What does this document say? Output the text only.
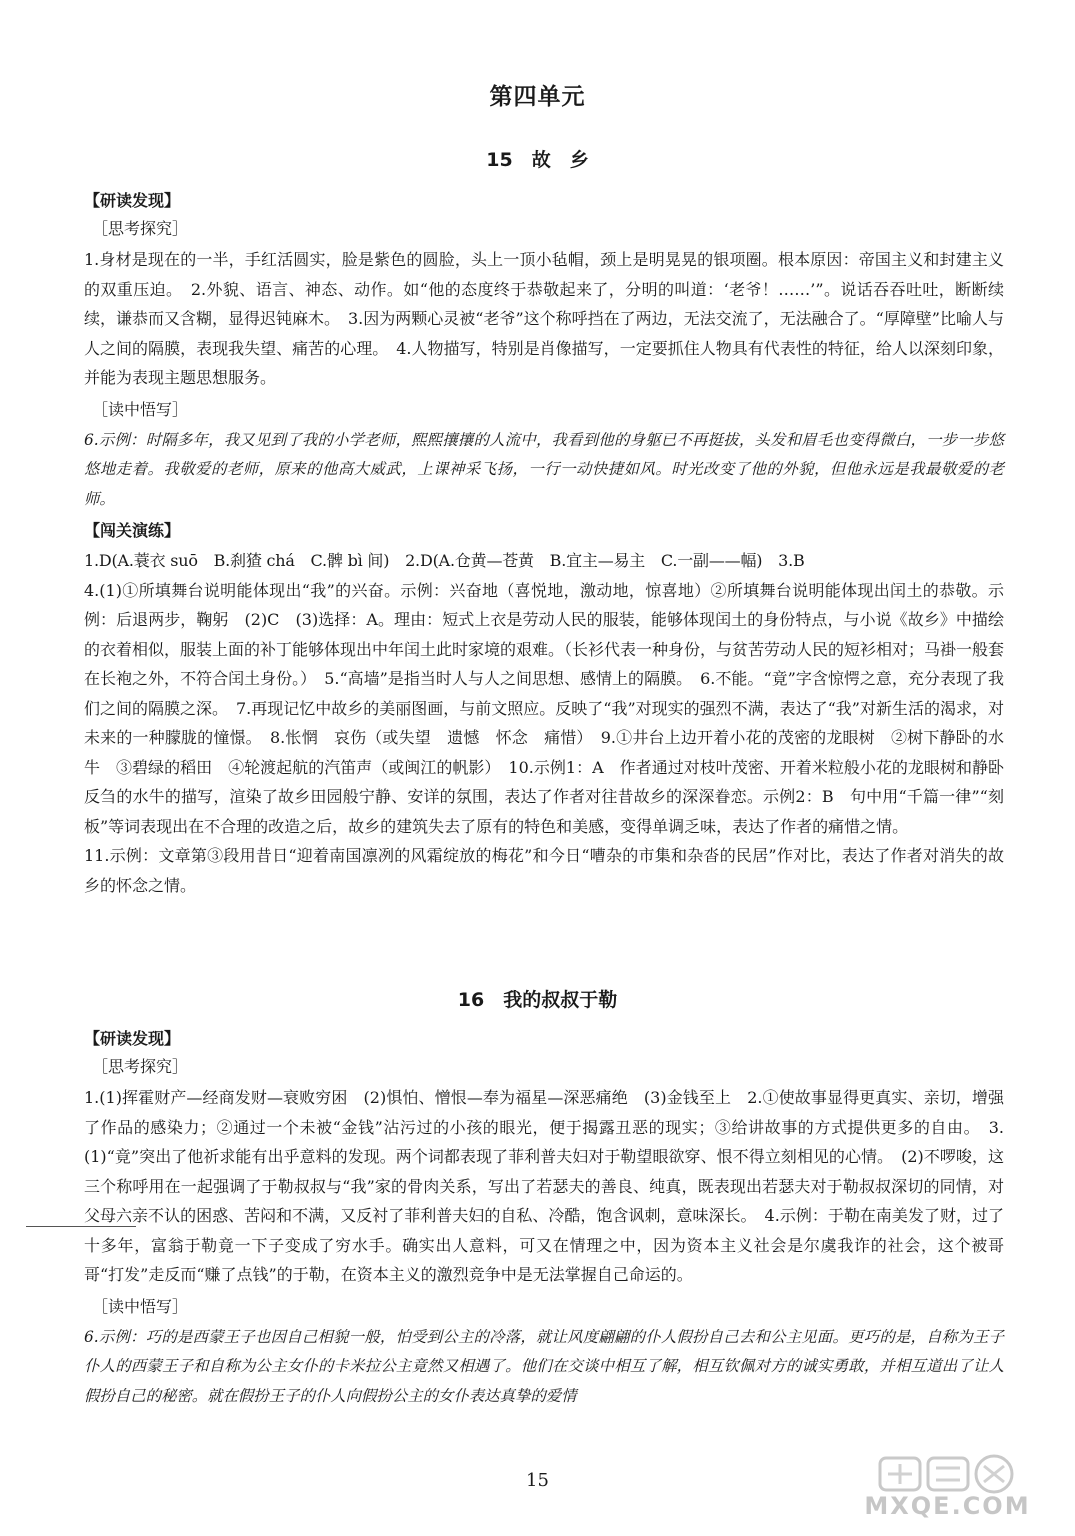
第四单元
15　故　乡
【研读发现】
［思考探究］

1.身材是现在的一半，手红活圆实，脸是紫色的圆脸，头上一顶小毡帽，颈上是明晃晃的银项圈。根本原因：帝国主义和封建主义的双重压迫。　2.外貌、语言、神态、动作。如“他的态度终于恭敬起来了，分明的叫道：‘老爷！……’”。说话吞吞吐吐，断断续续，谦恭而又含糊，显得迟钝麻木。　3.因为两颗心灵被“老爷”这个称呼挡在了两边，无法交流了，无法融合了。“厚障壁”比喻人与人之间的隔膜，表现我失望、痛苦的心理。　4.人物描写，特别是肖像描写，一定要抓住人物具有代表性的特征，给人以深刻印象，并能为表现主题思想服务。

［读中悟写］

6.示例：时隔多年，我又见到了我的小学老师，熙熙攘攘的人流中，我看到他的身躯已不再挺拔，头发和眉毛也变得微白，一步一步悠悠地走着。我敬爱的老师，原来的他高大威武，上课神采飞扬，一行一动快捷如风。时光改变了他的外貌，但他永远是我最敬爱的老师。

【闯关演练】

1.D(A.蓑衣 suō　B.刹猹 chá　C.髀 bì 间)　2.D(A.仓黄—苍黄　B.宜主—易主　C.一副——幅)　3.B

4.(1)①所填舞台说明能体现出“我”的兴奋。示例：兴奋地（喜悦地，激动地，惊喜地）②所填舞台说明能体现出闰土的恭敬。示例：后退两步，鞠躬　(2)C　(3)选择：A。理由：短式上衣是劳动人民的服装，能够体现闰土的身份特点，与小说《故乡》中描绘的衣着相似，服装上面的补丁能够体现出中年闰土此时家境的艰难。（长衫代表一种身份，与贫苦劳动人民的短衫相对；马褂一般套在长袍之外，不符合闰土身份。）　5.“高墙”是指当时人与人之间思想、感情上的隔膜。　6.不能。“竟”字含惊愕之意，充分表现了我们之间的隔膜之深。　7.再现记忆中故乡的美丽图画，与前文照应。反映了“我”对现实的强烈不满，表达了“我”对新生活的渴求，对未来的一种朦胧的憧憬。　8.怅惘　哀伤（或失望　遗憾　怀念　痛惜）　9.①井台上边开着小花的茂密的龙眼树　②树下静卧的水牛　③碧绿的稻田　④轮渡起航的汽笛声（或闽江的帆影）　10.示例1：A　作者通过对枝叶茂密、开着米粒般小花的龙眼树和静卧反刍的水牛的描写，渲染了故乡田园般宁静、安详的氛围，表达了作者对往昔故乡的深深眷恋。示例2：B　句中用“千篇一律”“刻板”等词表现出在不合理的改造之后，故乡的建筑失去了原有的特色和美感，变得单调乏味，表达了作者的痛惜之情。

11.示例：文章第③段用昔日“迎着南国凛冽的风霜绽放的梅花”和今日“嘈杂的市集和杂沓的民居”作对比，表达了作者对消失的故乡的怀念之情。

16　我的叔叔于勒
【研读发现】
［思考探究］

1.(1)挥霍财产—经商发财—衰败穷困　(2)惧怕、憎恨—奉为福星—深恶痛绝　(3)金钱至上　2.①使故事显得更真实、亲切，增强了作品的感染力；②通过一个未被“金钱”沾污过的小孩的眼光，便于揭露丑恶的现实；③给讲故事的方式提供更多的自由。　3.(1)“竟”突出了他祈求能有出乎意料的发现。两个词都表现了菲利普夫妇对于勒望眼欲穿、恨不得立刻相见的心情。　(2)不啰唆，这三个称呼用在一起强调了于勒叔叔与“我”家的骨肉关系，写出了若瑟夫的善良、纯真，既表现出若瑟夫对于勒叔叔深切的同情，对父母六亲不认的困惑、苦闷和不满，又反衬了菲利普夫妇的自私、冷酷，饱含讽刺，意味深长。　4.示例：于勒在南美发了财，过了十多年，富翁于勒竟一下子变成了穷水手。确实出人意料，可又在情理之中，因为资本主义社会是尔虞我诈的社会，这个被哥哥“打发”走反而“赚了点钱”的于勒，在资本主义的激烈竞争中是无法掌握自己命运的。

［读中悟写］

6.示例：巧的是西蒙王子也因自己相貌一般，怕受到公主的冷落，就让风度翩翩的仆人假扮自己去和公主见面。更巧的是，自称为王子仆人的西蒙王子和自称为公主女仆的卡米拉公主竟然又相遇了。他们在交谈中相互了解，相互钦佩对方的诚实勇敢，并相互道出了让人假扮自己的秘密。就在假扮王子的仆人向假扮公主的女仆表达真挚的爱情

15
MXQE.COM
